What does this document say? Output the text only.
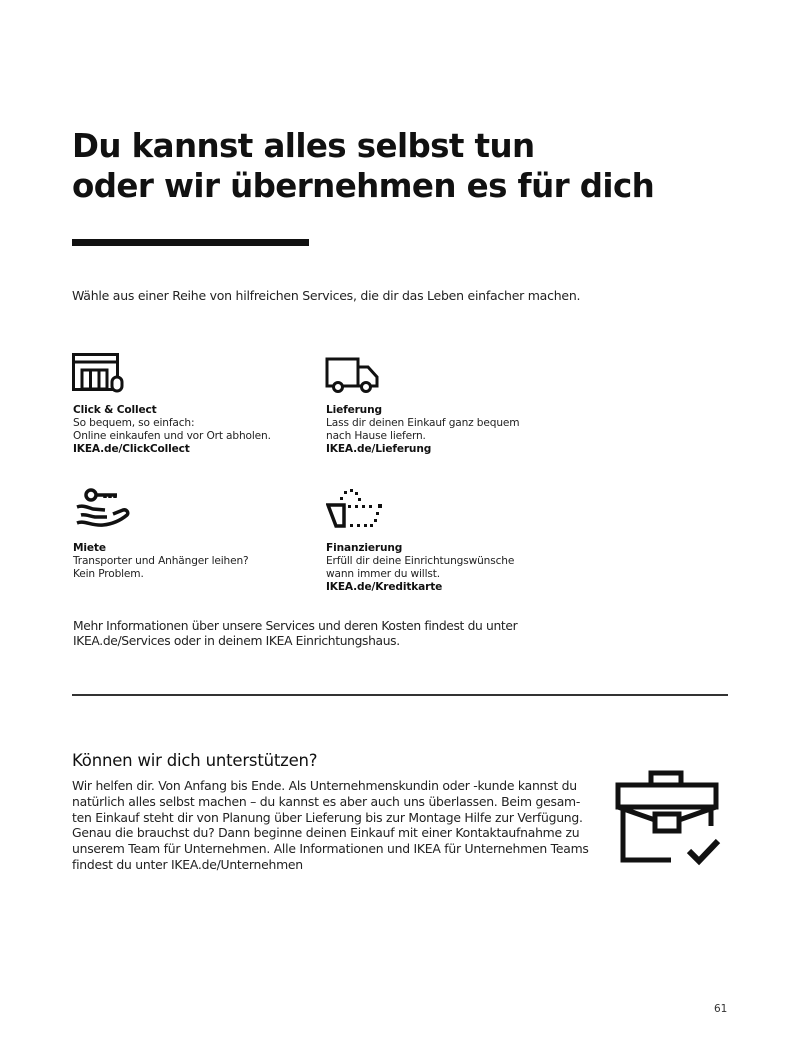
Du kannst alles selbst tun
oder wir übernehmen es für dich
Wähle aus einer Reihe von hilfreichen Services, die dir das Leben einfacher machen.
Click & Collect
So bequem, so einfach:
Online einkaufen und vor Ort abholen.
IKEA.de/ClickCollect
Lieferung
Lass dir deinen Einkauf ganz bequem
nach Hause liefern.
IKEA.de/Lieferung
Miete
Transporter und Anhänger leihen?
Kein Problem.
Finanzierung
Erfüll dir deine Einrichtungswünsche
wann immer du willst.
IKEA.de/Kreditkarte
Mehr Informationen über unsere Services und deren Kosten findest du unter
IKEA.de/Services oder in deinem IKEA Einrichtungshaus.
Können wir dich unterstützen?
Wir helfen dir. Von Anfang bis Ende. Als Unternehmenskundin oder -kunde kannst du
natürlich alles selbst machen – du kannst es aber auch uns überlassen. Beim gesam-
ten Einkauf steht dir von Planung über Lieferung bis zur Montage Hilfe zur Verfügung.
Genau die brauchst du? Dann beginne deinen Einkauf mit einer Kontaktaufnahme zu
unserem Team für Unternehmen. Alle Informationen und IKEA für Unternehmen Teams
findest du unter IKEA.de/Unternehmen
61
